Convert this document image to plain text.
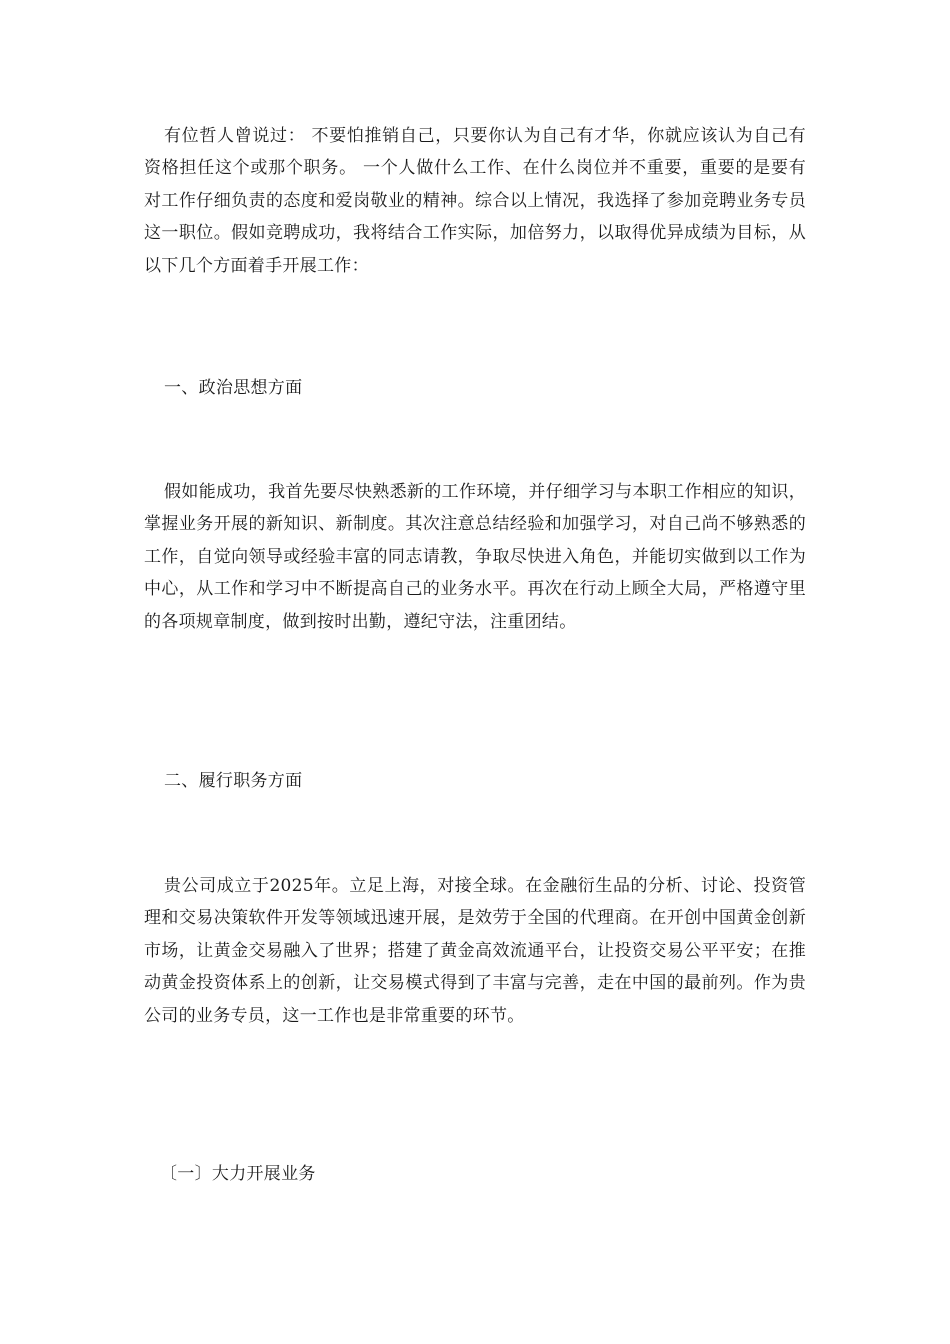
有位哲人曾说过： 不要怕推销自己，只要你认为自己有才华，你就应该认为自己有资格担任这个或那个职务。 一个人做什么工作、在什么岗位并不重要，重要的是要有对工作仔细负责的态度和爱岗敬业的精神。综合以上情况，我选择了参加竞聘业务专员这一职位。假如竞聘成功，我将结合工作实际，加倍努力，以取得优异成绩为目标，从以下几个方面着手开展工作：

一、政治思想方面

假如能成功，我首先要尽快熟悉新的工作环境，并仔细学习与本职工作相应的知识，掌握业务开展的新知识、新制度。其次注意总结经验和加强学习，对自己尚不够熟悉的工作，自觉向领导或经验丰富的同志请教，争取尽快进入角色，并能切实做到以工作为中心，从工作和学习中不断提高自己的业务水平。再次在行动上顾全大局，严格遵守里的各项规章制度，做到按时出勤，遵纪守法，注重团结。

二、履行职务方面

贵公司成立于2025年。立足上海，对接全球。在金融衍生品的分析、讨论、投资管理和交易决策软件开发等领域迅速开展，是效劳于全国的代理商。在开创中国黄金创新市场，让黄金交易融入了世界；搭建了黄金高效流通平台，让投资交易公平平安；在推动黄金投资体系上的创新，让交易模式得到了丰富与完善，走在中国的最前列。作为贵公司的业务专员，这一工作也是非常重要的环节。

〔一〕大力开展业务
